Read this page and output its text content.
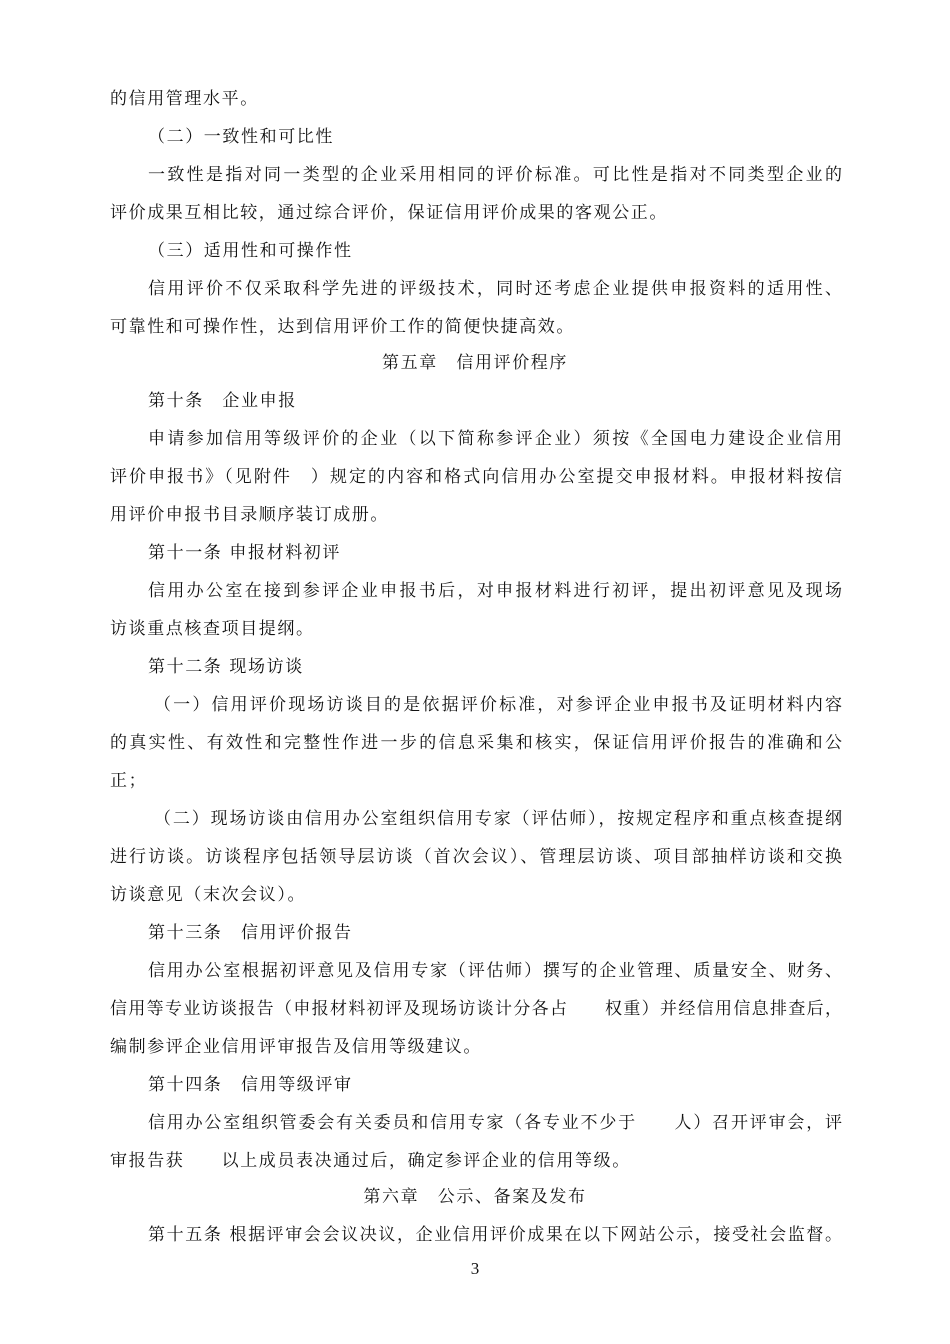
的信用管理水平。
（二）一致性和可比性
一致性是指对同一类型的企业采用相同的评价标准。可比性是指对不同类型企业的
评价成果互相比较，通过综合评价，保证信用评价成果的客观公正。
（三）适用性和可操作性
信用评价不仅采取科学先进的评级技术，同时还考虑企业提供申报资料的适用性、
可靠性和可操作性，达到信用评价工作的简便快捷高效。
第五章　信用评价程序
第十条　企业申报
申请参加信用等级评价的企业（以下简称参评企业）须按《全国电力建设企业信用
评价申报书》（见附件　）规定的内容和格式向信用办公室提交申报材料。申报材料按信
用评价申报书目录顺序装订成册。
第十一条 申报材料初评
信用办公室在接到参评企业申报书后，对申报材料进行初评，提出初评意见及现场
访谈重点核查项目提纲。
第十二条 现场访谈
（一）信用评价现场访谈目的是依据评价标准，对参评企业申报书及证明材料内容
的真实性、有效性和完整性作进一步的信息采集和核实，保证信用评价报告的准确和公
正；
（二）现场访谈由信用办公室组织信用专家（评估师），按规定程序和重点核查提纲
进行访谈。访谈程序包括领导层访谈（首次会议）、管理层访谈、项目部抽样访谈和交换
访谈意见（末次会议）。
第十三条　信用评价报告
信用办公室根据初评意见及信用专家（评估师）撰写的企业管理、质量安全、财务、
信用等专业访谈报告（申报材料初评及现场访谈计分各占　　权重）并经信用信息排查后，
编制参评企业信用评审报告及信用等级建议。
第十四条　信用等级评审
信用办公室组织管委会有关委员和信用专家（各专业不少于　　人）召开评审会，评
审报告获　　以上成员表决通过后，确定参评企业的信用等级。
第六章　公示、备案及发布
第十五条 根据评审会会议决议，企业信用评价成果在以下网站公示，接受社会监督。
3
